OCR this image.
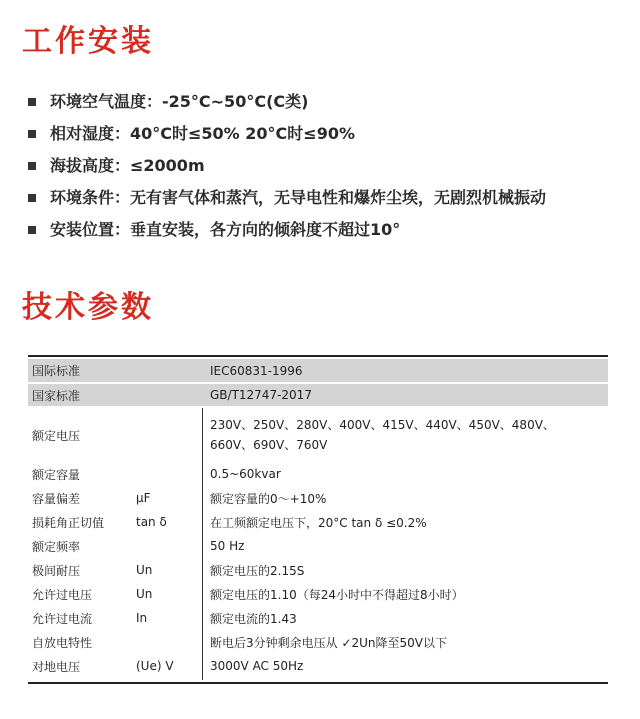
工作安装
环境空气温度：-25°C~50°C(C类)
相对湿度：40°C时≤50% 20°C时≤90%
海拔高度：≤2000m
环境条件：无有害气体和蒸汽，无导电性和爆炸尘埃，无剧烈机械振动
安装位置：垂直安装，各方向的倾斜度不超过10°
技术参数
国际标准		IEC60831-1996
国家标准		GB/T12747-2017
额定电压		230V、250V、280V、400V、415V、440V、450V、480V、
660V、690V、760V

额定容量		0.5~60kvar
容量偏差	μF	额定容量的0～+10%
损耗角正切值	tan δ	在工频额定电压下，20°C tan δ ≤0.2%
额定频率		50 Hz
极间耐压	Un	额定电压的2.15S
允许过电压	Un	额定电压的1.10（每24小时中不得超过8小时）
允许过电流	In	额定电流的1.43
自放电特性		断电后3分钟剩余电压从 ✓2Un降至50V以下
对地电压	(Ue) V	3000V AC 50Hz
